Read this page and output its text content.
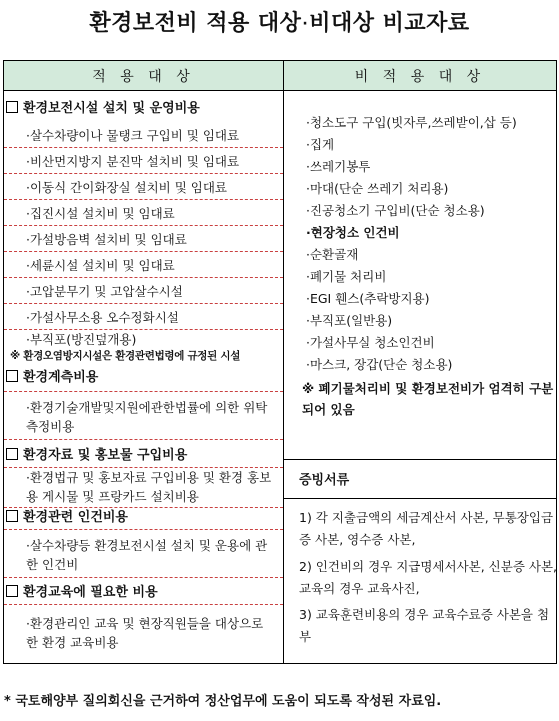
환경보전비 적용 대상·비대상 비교자료
적 용 대 상	비 적 용 대 상
환경보전시설 설치 및 운영비용
·살수차량이나 물탱크 구입비 및 임대료
·비산먼지방지 분진막 설치비 및 임대료
·이동식 간이화장실 설치비 및 임대료
·집진시설 설치비 및 임대료
·가설방음벽 설치비 및 임대료
·세륜시설 설치비 및 임대료
·고압분무기 및 고압살수시설
·가설사무소용 오수정화시설
·부직포(방진덮개용)
※ 환경오염방지시설은 환경관련법령에 규정된 시설
환경계측비용
·환경기술개발및지원에관한법률에 의한 위탁측정비용
환경자료 및 홍보물 구입비용
·환경법규 및 홍보자료 구입비용 및 환경 홍보용 게시물 및 프랑카드 설치비용
환경관련 인건비용
·살수차량등 환경보전시설 설치 및 운용에 관한 인건비
환경교육에 필요한 비용
·환경관리인 교육 및 현장직원들을 대상으로 한 환경 교육비용
·청소도구 구입(빗자루,쓰레받이,삽 등)
·집게
·쓰레기봉투
·마대(단순 쓰레기 처리용)
·진공청소기 구입비(단순 청소용)
·현장청소 인건비
·순환골재
·폐기물 처리비
·EGI 휀스(추락방지용)
·부직포(일반용)
·가설사무실 청소인건비
·마스크, 장갑(단순 청소용)
※ 폐기물처리비 및 환경보전비가 엄격히 구분되어 있음
증빙서류
1) 각 지출금액의 세금계산서 사본, 무통장입금증 사본, 영수증 사본,
2) 인건비의 경우 지급명세서사본, 신분증 사본, 교육의 경우 교육사진,
3) 교육훈련비용의 경우 교육수료증 사본을 첨부
* 국토해양부 질의회신을 근거하여 정산업무에 도움이 되도록 작성된 자료임.
